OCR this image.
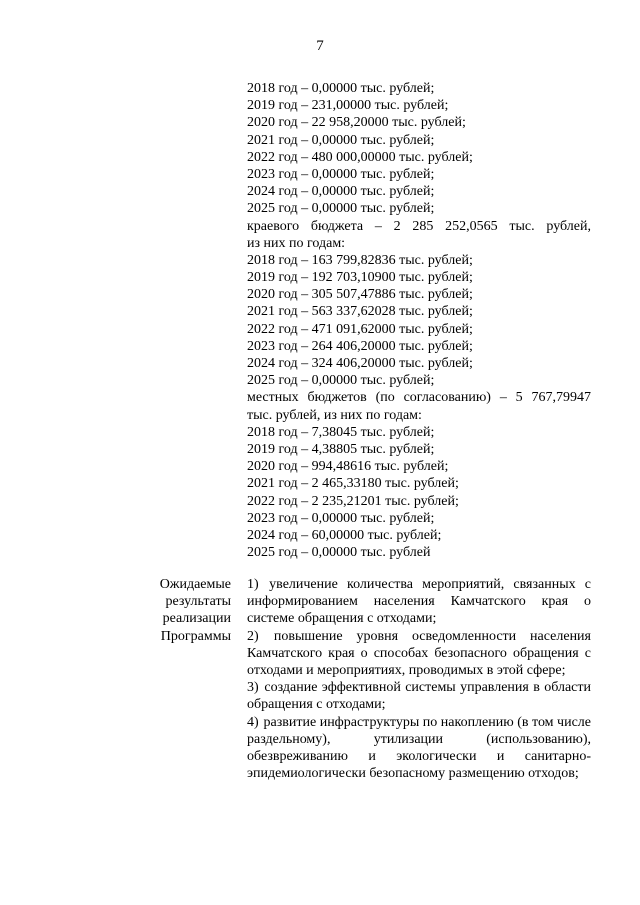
7
2018 год – 0,00000 тыс. рублей;
2019 год – 231,00000 тыс. рублей;
2020 год – 22 958,20000 тыс. рублей;
2021 год – 0,00000 тыс. рублей;
2022 год – 480 000,00000 тыс. рублей;
2023 год – 0,00000 тыс. рублей;
2024 год – 0,00000 тыс. рублей;
2025 год – 0,00000 тыс. рублей;
краевого бюджета – 2 285 252,0565 тыс. рублей,
из них по годам:
2018 год – 163 799,82836 тыс. рублей;
2019 год – 192 703,10900 тыс. рублей;
2020 год – 305 507,47886 тыс. рублей;
2021 год – 563 337,62028 тыс. рублей;
2022 год – 471 091,62000 тыс. рублей;
2023 год – 264 406,20000 тыс. рублей;
2024 год – 324 406,20000 тыс. рублей;
2025 год – 0,00000 тыс. рублей;
местных бюджетов (по согласованию) – 5 767,79947
тыс. рублей, из них по годам:
2018 год – 7,38045 тыс. рублей;
2019 год – 4,38805 тыс. рублей;
2020 год – 994,48616 тыс. рублей;
2021 год – 2 465,33180 тыс. рублей;
2022 год – 2 235,21201 тыс. рублей;
2023 год – 0,00000 тыс. рублей;
2024 год – 60,00000 тыс. рублей;
2025 год – 0,00000 тыс. рублей
Ожидаемые результаты реализации Программы

1) увеличение количества мероприятий, связанных с информированием населения Камчатского края о системе обращения с отходами;

2) повышение уровня осведомленности населения Камчатского края о способах безопасного обращения с отходами и мероприятиях, проводимых в этой сфере;

3) создание эффективной системы управления в области обращения с отходами;

4) развитие инфраструктуры по накоплению (в том числе раздельному), утилизации (использованию), обезвреживанию и экологически и санитарно-эпидемиологически безопасному размещению отходов;
